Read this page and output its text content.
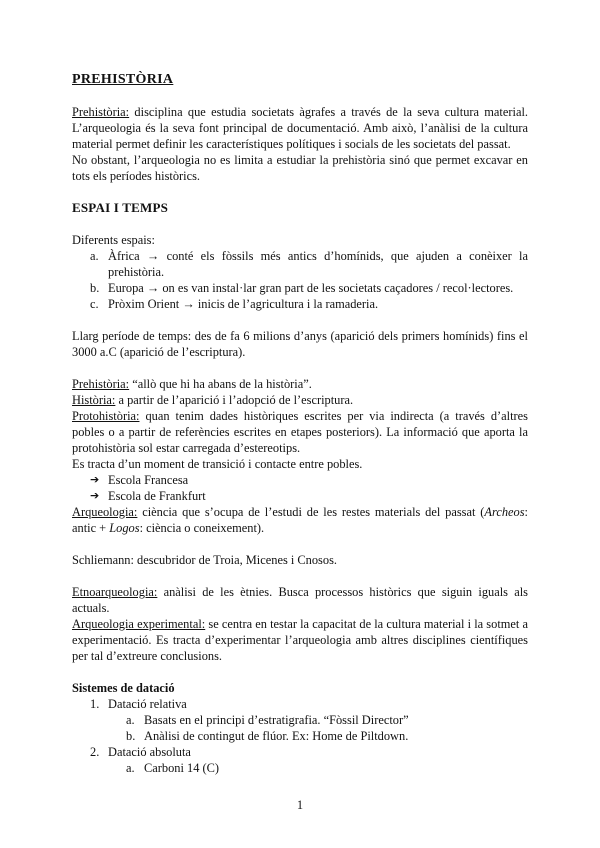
PREHISTÒRIA

Prehistòria: disciplina que estudia societats àgrafes a través de la seva cultura material. L’arqueologia és la seva font principal de documentació. Amb això, l’anàlisi de la cultura material permet definir les característiques polítiques i socials de les societats del passat.

No obstant, l’arqueologia no es limita a estudiar la prehistòria sinó que permet excavar en tots els períodes històrics.

ESPAI I TEMPS

Diferents espais:

a. Àfrica → conté els fòssils més antics d’homínids, que ajuden a conèixer la prehistòria.
b. Europa → on es van instal·lar gran part de les societats caçadores / recol·lectores.
c. Pròxim Orient → inicis de l’agricultura i la ramaderia.

Llarg període de temps: des de fa 6 milions d’anys (aparició dels primers homínids) fins el 3000 a.C (aparició de l’escriptura).

Prehistòria: “allò que hi ha abans de la història”.

Història: a partir de l’aparició i l’adopció de l’escriptura.

Protohistòria: quan tenim dades històriques escrites per via indirecta (a través d’altres pobles o a partir de referències escrites en etapes posteriors). La informació que aporta la protohistòria sol estar carregada d’estereotips.

Es tracta d’un moment de transició i contacte entre pobles.

➔ Escola Francesa
➔ Escola de Frankfurt

Arqueologia: ciència que s’ocupa de l’estudi de les restes materials del passat (Archeos: antic + Logos: ciència o coneixement).

Schliemann: descubridor de Troia, Micenes i Cnosos.

Etnoarqueologia: anàlisi de les ètnies. Busca processos històrics que siguin iguals als actuals.

Arqueologia experimental: se centra en testar la capacitat de la cultura material i la sotmet a experimentació. Es tracta d’experimentar l’arqueologia amb altres disciplines científiques per tal d’extreure conclusions.

Sistemes de datació
1. Datació relativa
a. Basats en el principi d’estratigrafia. “Fòssil Director”
b. Anàlisi de contingut de flúor. Ex: Home de Piltdown.
2. Datació absoluta
a. Carboni 14 (C)
1
